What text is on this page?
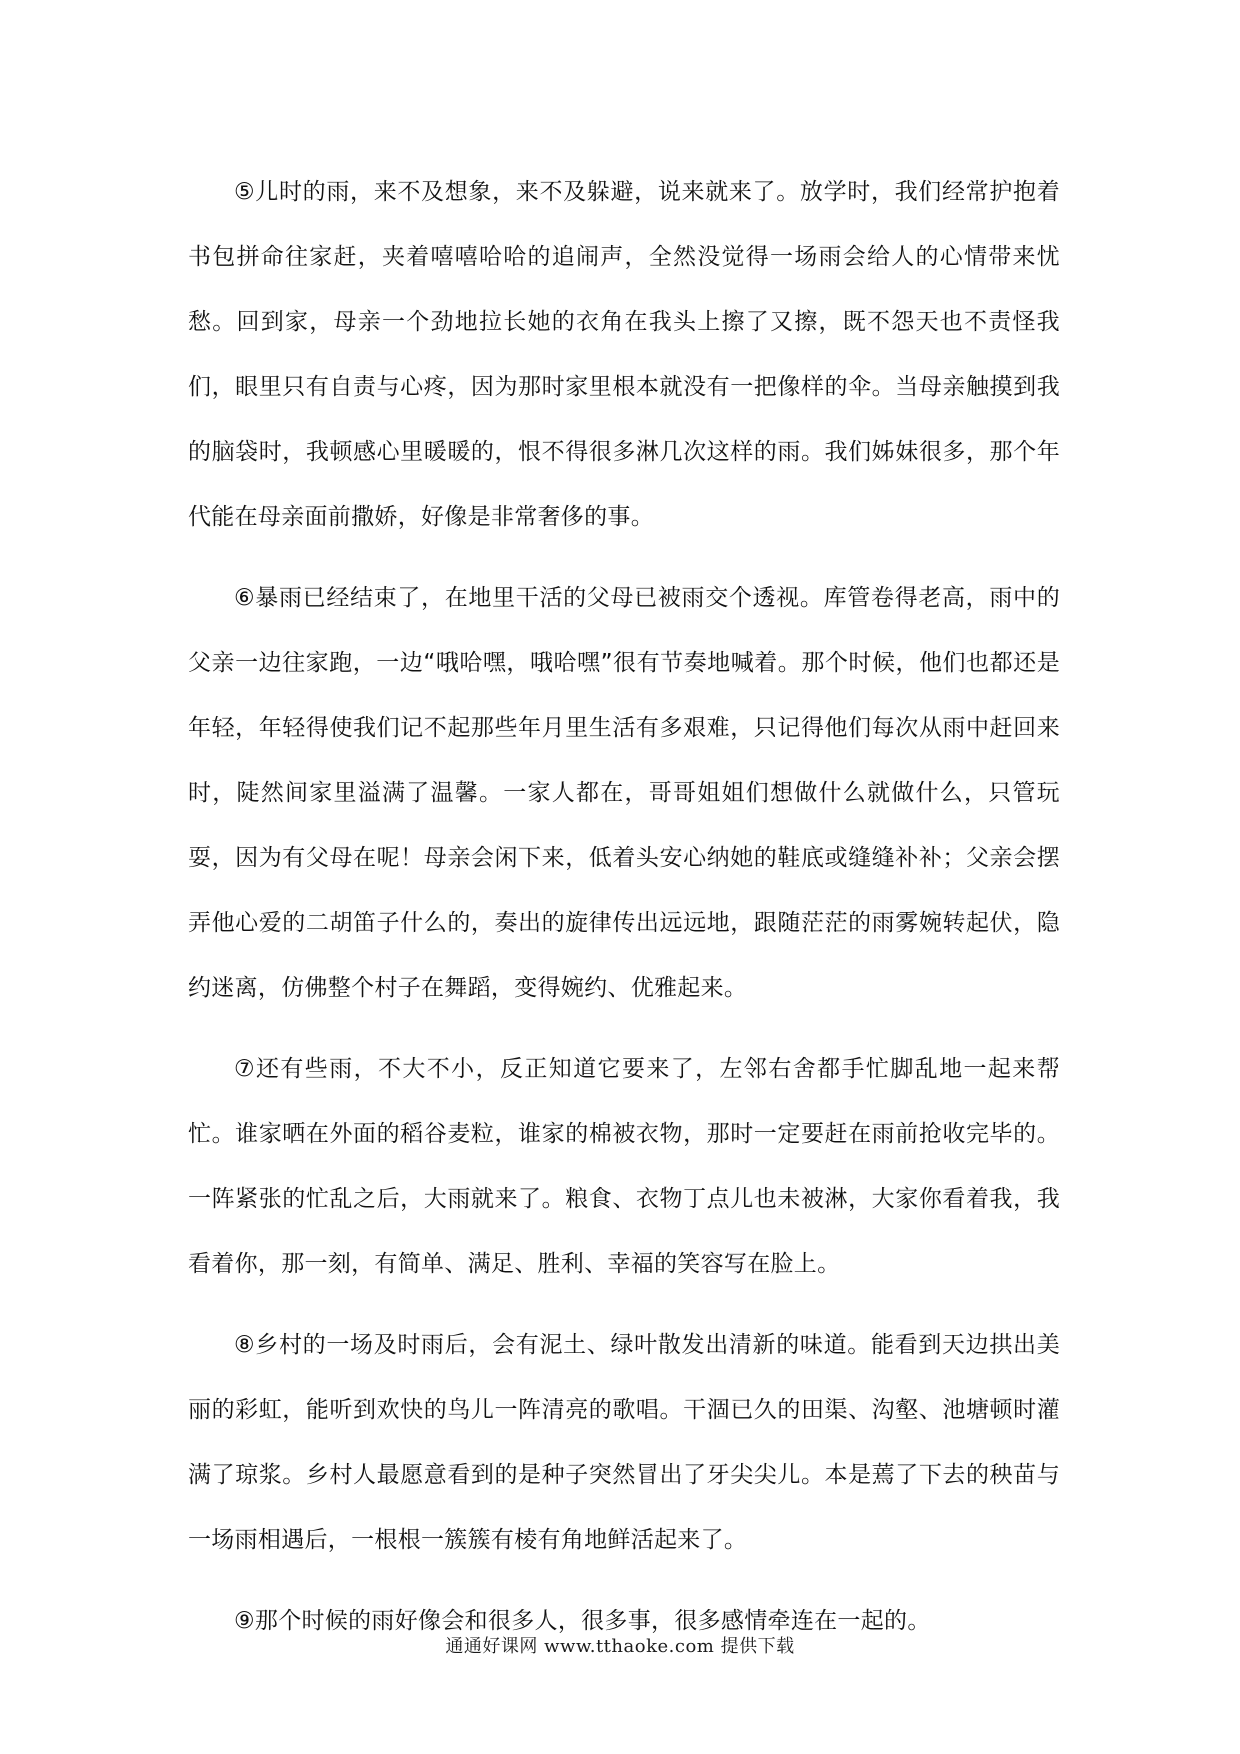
⑤儿时的雨，来不及想象，来不及躲避，说来就来了。放学时，我们经常护抱着书包拼命往家赶，夹着嘻嘻哈哈的追闹声，全然没觉得一场雨会给人的心情带来忧愁。回到家，母亲一个劲地拉长她的衣角在我头上擦了又擦，既不怨天也不责怪我们，眼里只有自责与心疼，因为那时家里根本就没有一把像样的伞。当母亲触摸到我的脑袋时，我顿感心里暖暖的，恨不得很多淋几次这样的雨。我们姊妹很多，那个年代能在母亲面前撒娇，好像是非常奢侈的事。

⑥暴雨已经结束了，在地里干活的父母已被雨交个透视。库管卷得老高，雨中的父亲一边往家跑，一边“哦哈嘿，哦哈嘿”很有节奏地喊着。那个时候，他们也都还是年轻，年轻得使我们记不起那些年月里生活有多艰难，只记得他们每次从雨中赶回来时，陡然间家里溢满了温馨。一家人都在，哥哥姐姐们想做什么就做什么，只管玩耍，因为有父母在呢！母亲会闲下来，低着头安心纳她的鞋底或缝缝补补；父亲会摆弄他心爱的二胡笛子什么的，奏出的旋律传出远远地，跟随茫茫的雨雾婉转起伏，隐约迷离，仿佛整个村子在舞蹈，变得婉约、优雅起来。

⑦还有些雨，不大不小，反正知道它要来了，左邻右舍都手忙脚乱地一起来帮忙。谁家晒在外面的稻谷麦粒，谁家的棉被衣物，那时一定要赶在雨前抢收完毕的。一阵紧张的忙乱之后，大雨就来了。粮食、衣物丁点儿也未被淋，大家你看着我，我看着你，那一刻，有简单、满足、胜利、幸福的笑容写在脸上。

⑧乡村的一场及时雨后，会有泥土、绿叶散发出清新的味道。能看到天边拱出美丽的彩虹，能听到欢快的鸟儿一阵清亮的歌唱。干涸已久的田渠、沟壑、池塘顿时灌满了琼浆。乡村人最愿意看到的是种子突然冒出了牙尖尖儿。本是蔫了下去的秧苗与一场雨相遇后，一根根一簇簇有棱有角地鲜活起来了。

⑨那个时候的雨好像会和很多人，很多事，很多感情牵连在一起的。

通通好课网 www.tthaoke.com 提供下载
